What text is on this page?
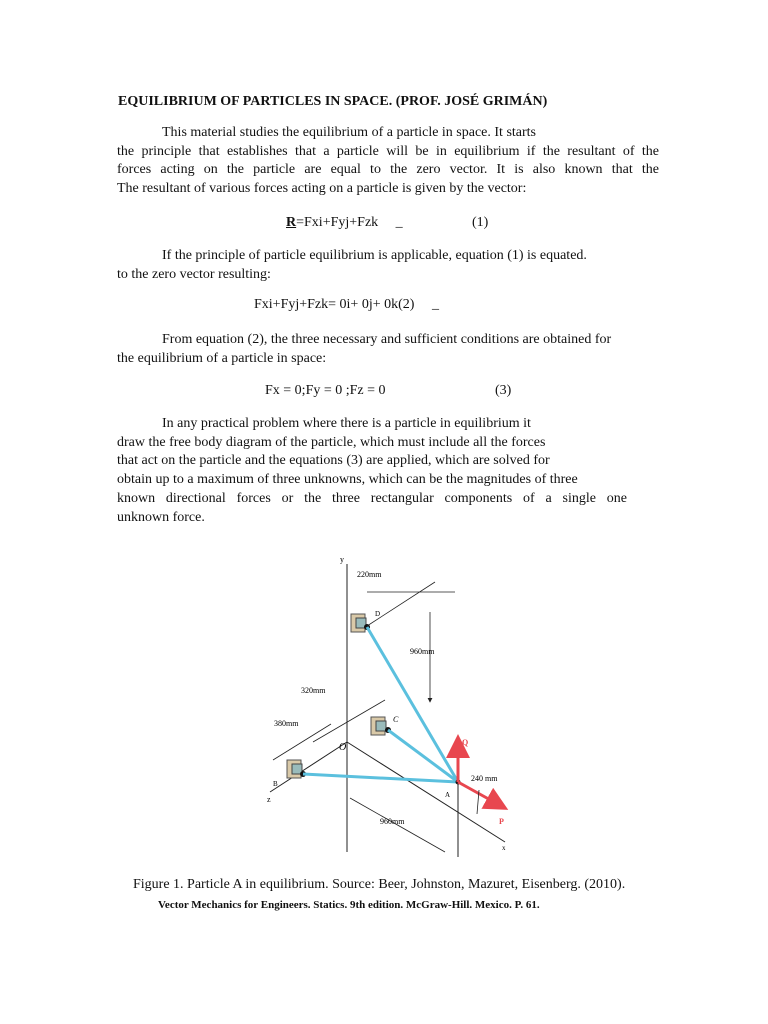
EQUILIBRIUM OF PARTICLES IN SPACE. (PROF. JOSÉ GRIMÁN)
This material studies the equilibrium of a particle in space. It starts
the principle that establishes that a particle will be in equilibrium if the resultant of the
forces acting on the particle are equal to the zero vector. It is also known that the
The resultant of various forces acting on a particle is given by the vector:
R=Fxi+Fyj+Fzk _	(1)
If the principle of particle equilibrium is applicable, equation (1) is equated.
to the zero vector resulting:
Fxi+Fyj+Fzk= 0i+ 0j+ 0k(2) _
From equation (2), the three necessary and sufficient conditions are obtained for
the equilibrium of a particle in space:
Fx = 0;Fy = 0 ;Fz = 0	(3)
In any practical problem where there is a particle in equilibrium it
draw the free body diagram of the particle, which must include all the forces
that act on the particle and the equations (3) are applied, which are solved for
obtain up to a maximum of three unknowns, which can be the magnitudes of three
known directional forces or the three rectangular components of a single one
unknown force.
y
x
z
O
A
B
C
D
Q
P
220mm
960mm
320mm
380mm
240 mm
960mm
Figure 1. Particle A in equilibrium. Source: Beer, Johnston, Mazuret, Eisenberg. (2010).
Vector Mechanics for Engineers. Statics. 9th edition. McGraw-Hill. Mexico. P. 61.
